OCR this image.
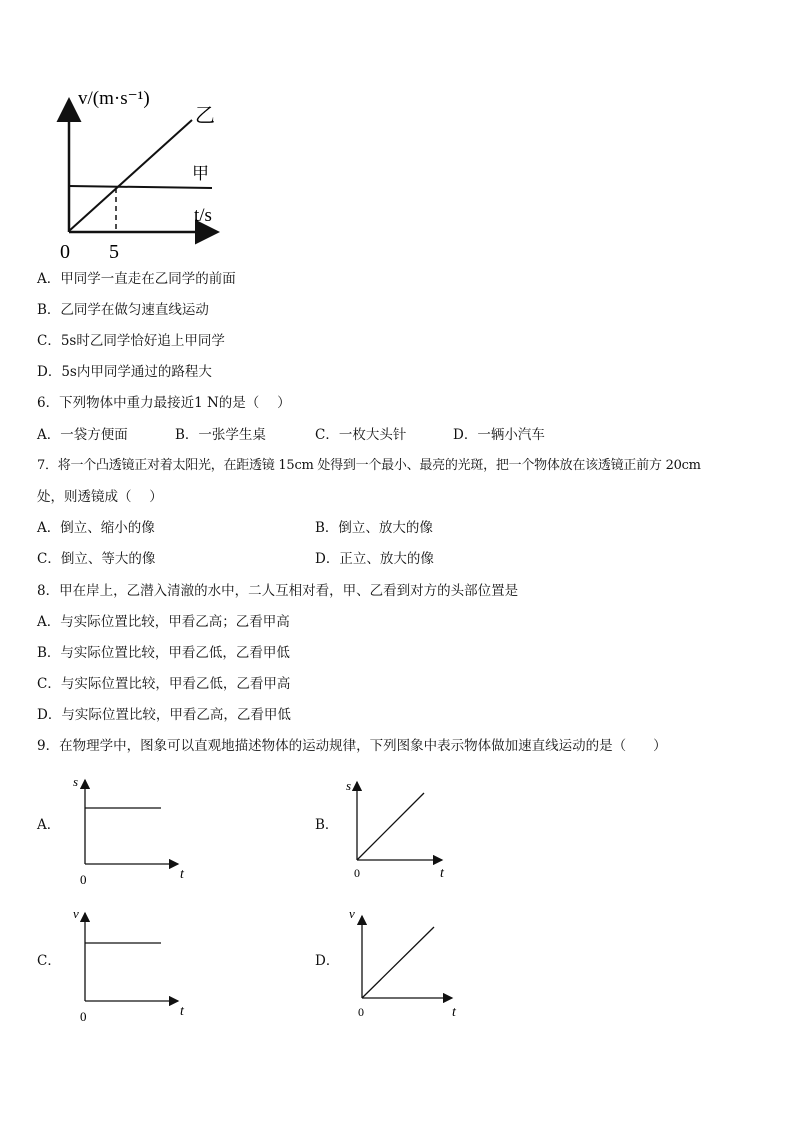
v/(m·s⁻¹)
乙
甲
t/s
0 5
A．甲同学一直走在乙同学的前面
B．乙同学在做匀速直线运动
C．5s时乙同学恰好追上甲同学
D．5s内甲同学通过的路程大
6．下列物体中重力最接近1 N的是（　 ）
A．一袋方便面	B．一张学生桌	C．一枚大头针	D．一辆小汽车
7．将一个凸透镜正对着太阳光，在距透镜 15cm 处得到一个最小、最亮的光斑，把一个物体放在该透镜正前方 20cm
处，则透镜成（　 ）
A．倒立、缩小的像	B．倒立、放大的像
C．倒立、等大的像	D．正立、放大的像
8．甲在岸上，乙潜入清澈的水中，二人互相对看，甲、乙看到对方的头部位置是
A．与实际位置比较，甲看乙高；乙看甲高
B．与实际位置比较，甲看乙低，乙看甲低
C．与实际位置比较，甲看乙低，乙看甲高
D．与实际位置比较，甲看乙高，乙看甲低
9．在物理学中，图象可以直观地描述物体的运动规律，下列图象中表示物体做加速直线运动的是（　　）
A．
s
t
0
B．
s
t
0
C．
v
t
0
D．
v
t
0
